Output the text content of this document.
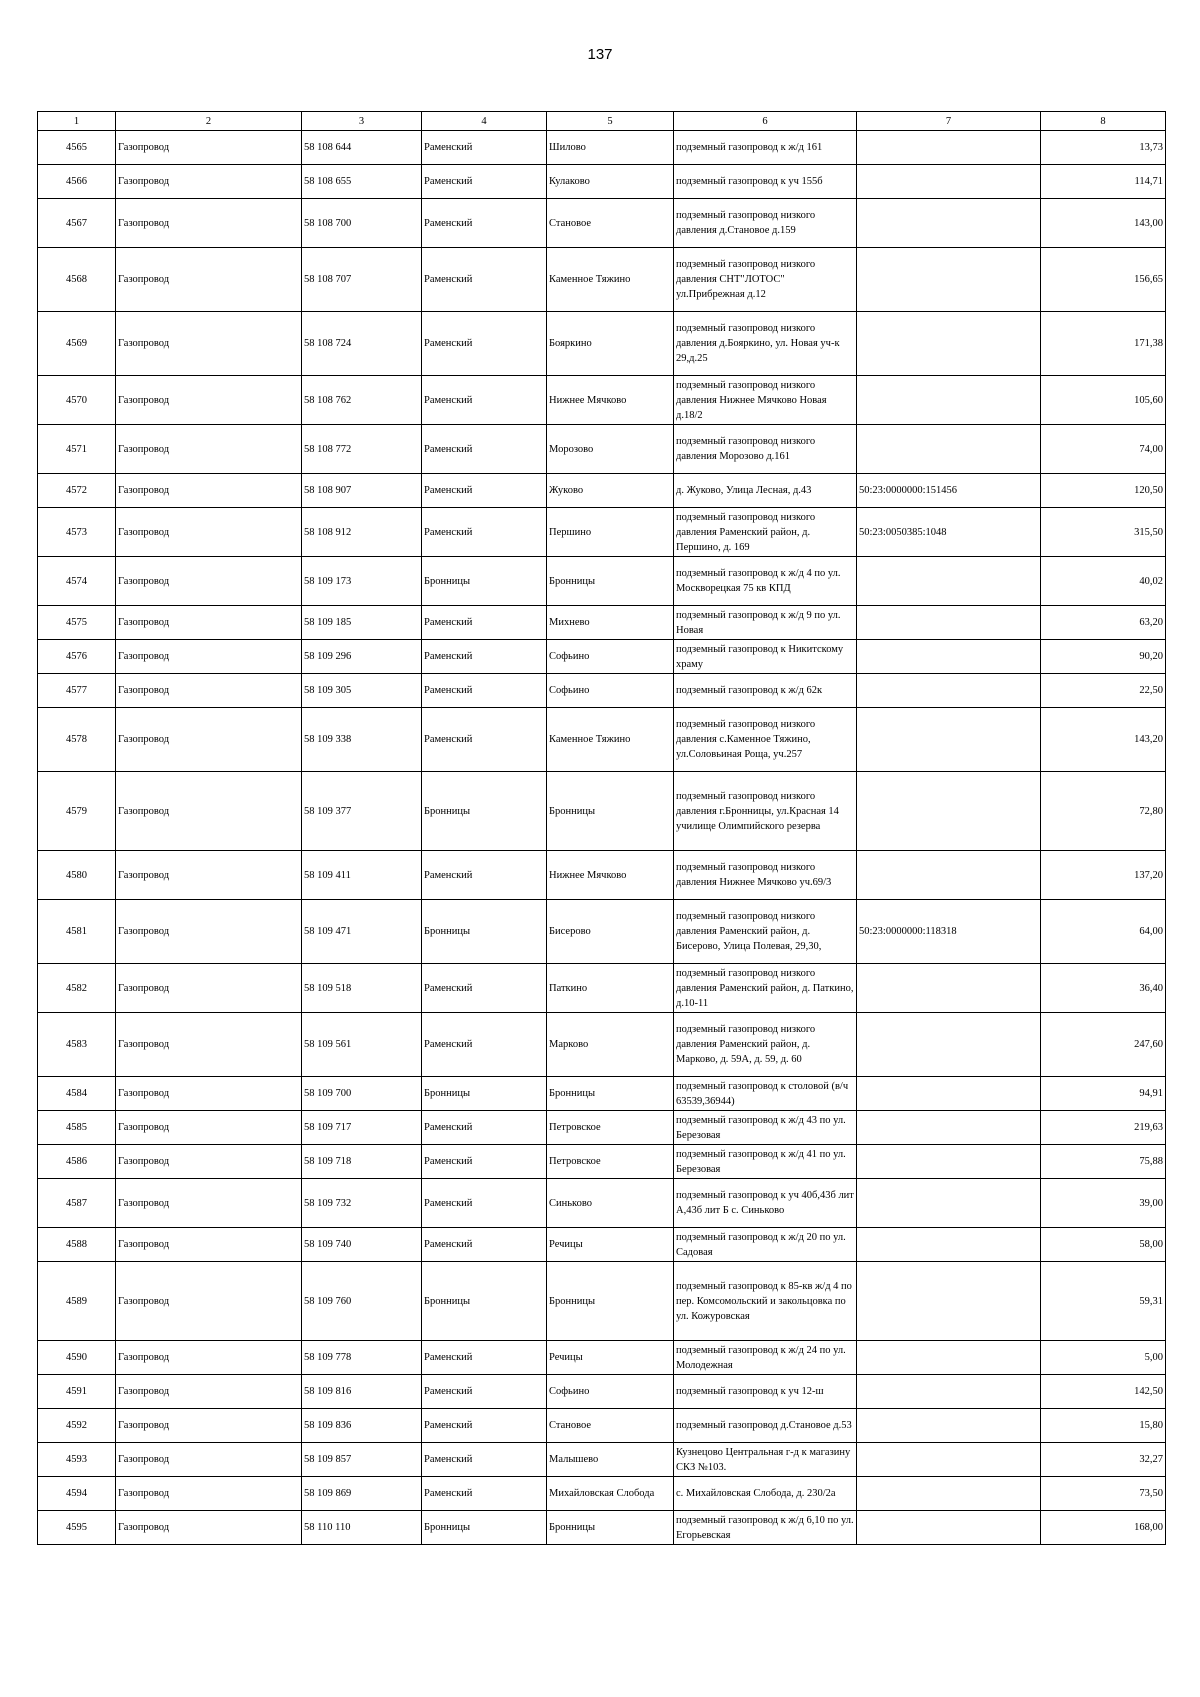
137
1	2	3	4	5	6	7	8
4565	Газопровод	58 108 644	Раменский	Шилово	подземный газопровод к ж/д 161		13,73
4566	Газопровод	58 108 655	Раменский	Кулаково	подземный газопровод к уч 155б		114,71
4567	Газопровод	58 108 700	Раменский	Становое	подземный газопровод низкого давления д.Становое д.159		143,00
4568	Газопровод	58 108 707	Раменский	Каменное Тяжино	подземный газопровод низкого давления СНТ"ЛОТОС" ул.Прибрежная д.12		156,65
4569	Газопровод	58 108 724	Раменский	Бояркино	подземный газопровод низкого давления д.Бояркино, ул. Новая уч-к 29,д.25		171,38
4570	Газопровод	58 108 762	Раменский	Нижнее Мячково	подземный газопровод низкого давления Нижнее Мячково Новая д.18/2		105,60
4571	Газопровод	58 108 772	Раменский	Морозово	подземный газопровод низкого давления Морозово д.161		74,00
4572	Газопровод	58 108 907	Раменский	Жуково	д. Жуково, Улица Лесная, д.43	50:23:0000000:151456	120,50
4573	Газопровод	58 108 912	Раменский	Першино	подземный газопровод низкого давления Раменский район, д. Першино, д. 169	50:23:0050385:1048	315,50
4574	Газопровод	58 109 173	Бронницы	Бронницы	подземный газопровод к ж/д 4 по ул. Москворецкая 75 кв КПД		40,02
4575	Газопровод	58 109 185	Раменский	Михнево	подземный газопровод к ж/д 9 по ул. Новая		63,20
4576	Газопровод	58 109 296	Раменский	Софьино	подземный газопровод к Никитскому храму		90,20
4577	Газопровод	58 109 305	Раменский	Софьино	подземный газопровод к ж/д 62к		22,50
4578	Газопровод	58 109 338	Раменский	Каменное Тяжино	подземный газопровод низкого давления с.Каменное Тяжино, ул.Соловьиная Роща, уч.257		143,20
4579	Газопровод	58 109 377	Бронницы	Бронницы	подземный газопровод низкого давления г.Бронницы, ул.Красная 14 училище Олимпийского резерва		72,80
4580	Газопровод	58 109 411	Раменский	Нижнее Мячково	подземный газопровод низкого давления Нижнее Мячково уч.69/3		137,20
4581	Газопровод	58 109 471	Бронницы	Бисерово	подземный газопровод низкого давления Раменский район, д. Бисерово, Улица Полевая, 29,30,	50:23:0000000:118318	64,00
4582	Газопровод	58 109 518	Раменский	Паткино	подземный газопровод низкого давления Раменский район, д. Паткино, д.10-11		36,40
4583	Газопровод	58 109 561	Раменский	Марково	подземный газопровод низкого давления Раменский район, д. Марково, д. 59А, д. 59, д. 60		247,60
4584	Газопровод	58 109 700	Бронницы	Бронницы	подземный газопровод к столовой (в/ч 63539,36944)		94,91
4585	Газопровод	58 109 717	Раменский	Петровское	подземный газопровод к ж/д 43 по ул. Березовая		219,63
4586	Газопровод	58 109 718	Раменский	Петровское	подземный газопровод к ж/д 41 по ул. Березовая		75,88
4587	Газопровод	58 109 732	Раменский	Синьково	подземный газопровод к уч 40б,43б лит А,43б лит Б с. Синьково		39,00
4588	Газопровод	58 109 740	Раменский	Речицы	подземный газопровод к ж/д 20 по ул. Садовая		58,00
4589	Газопровод	58 109 760	Бронницы	Бронницы	подземный газопровод к 85-кв ж/д 4 по пер. Комсомольский и закольцовка по ул. Кожуровская		59,31
4590	Газопровод	58 109 778	Раменский	Речицы	подземный газопровод к ж/д 24 по ул. Молодежная		5,00
4591	Газопровод	58 109 816	Раменский	Софьино	подземный газопровод к уч 12-ш		142,50
4592	Газопровод	58 109 836	Раменский	Становое	подземный газопровод д.Становое д.53		15,80
4593	Газопровод	58 109 857	Раменский	Малышево	Кузнецово Центральная г-д к магазину СКЗ №103.		32,27
4594	Газопровод	58 109 869	Раменский	Михайловская Слобода	с. Михайловская Слобода, д. 230/2а		73,50
4595	Газопровод	58 110 110	Бронницы	Бронницы	подземный газопровод к ж/д 6,10 по ул. Егорьевская		168,00
